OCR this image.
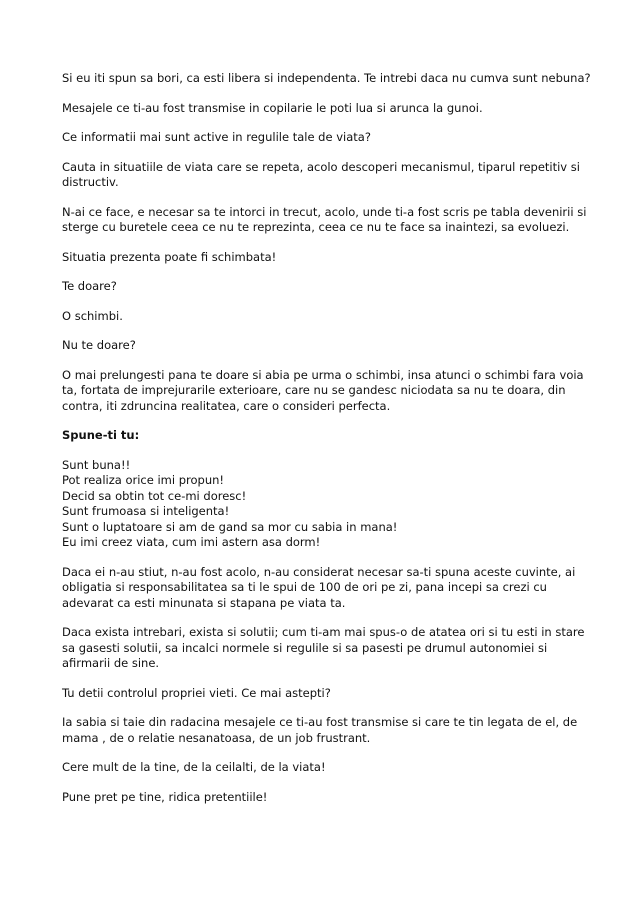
Si eu iti spun sa bori, ca esti libera si independenta. Te intrebi daca nu cumva sunt nebuna?

Mesajele ce ti-au fost transmise in copilarie le poti lua si arunca la gunoi.

Ce informatii mai sunt active in regulile tale de viata?

Cauta in situatiile de viata care se repeta, acolo descoperi mecanismul, tiparul repetitiv si distructiv.

N-ai ce face, e necesar sa te intorci in trecut, acolo, unde ti-a fost scris pe tabla devenirii si sterge cu buretele ceea ce nu te reprezinta, ceea ce nu te face sa inaintezi, sa evoluezi.

Situatia prezenta poate fi schimbata!

Te doare?

O schimbi.

Nu te doare?

O mai prelungesti pana te doare si abia pe urma o schimbi, insa atunci o schimbi fara voia ta, fortata de imprejurarile exterioare, care nu se gandesc niciodata sa nu te doara, din contra, iti zdruncina realitatea, care o consideri perfecta.

Spune-ti tu:

Sunt buna!!
Pot realiza orice imi propun!
Decid sa obtin tot ce-mi doresc!
Sunt frumoasa si inteligenta!
Sunt o luptatoare si am de gand sa mor cu sabia in mana!
Eu imi creez viata, cum imi astern asa dorm!

Daca ei n-au stiut, n-au fost acolo, n-au considerat necesar sa-ti spuna aceste cuvinte, ai obligatia si responsabilitatea sa ti le spui de 100 de ori pe zi, pana incepi sa crezi cu adevarat ca esti minunata si stapana pe viata ta.

Daca exista intrebari, exista si solutii; cum ti-am mai spus-o de atatea ori si tu esti in stare sa gasesti solutii, sa incalci normele si regulile si sa pasesti pe drumul autonomiei si afirmarii de sine.

Tu detii controlul propriei vieti. Ce mai astepti?

Ia sabia si taie din radacina mesajele ce ti-au fost transmise si care te tin legata de el, de mama , de o relatie nesanatoasa, de un job frustrant.

Cere mult de la tine, de la ceilalti, de la viata!

Pune pret pe tine, ridica pretentiile!
